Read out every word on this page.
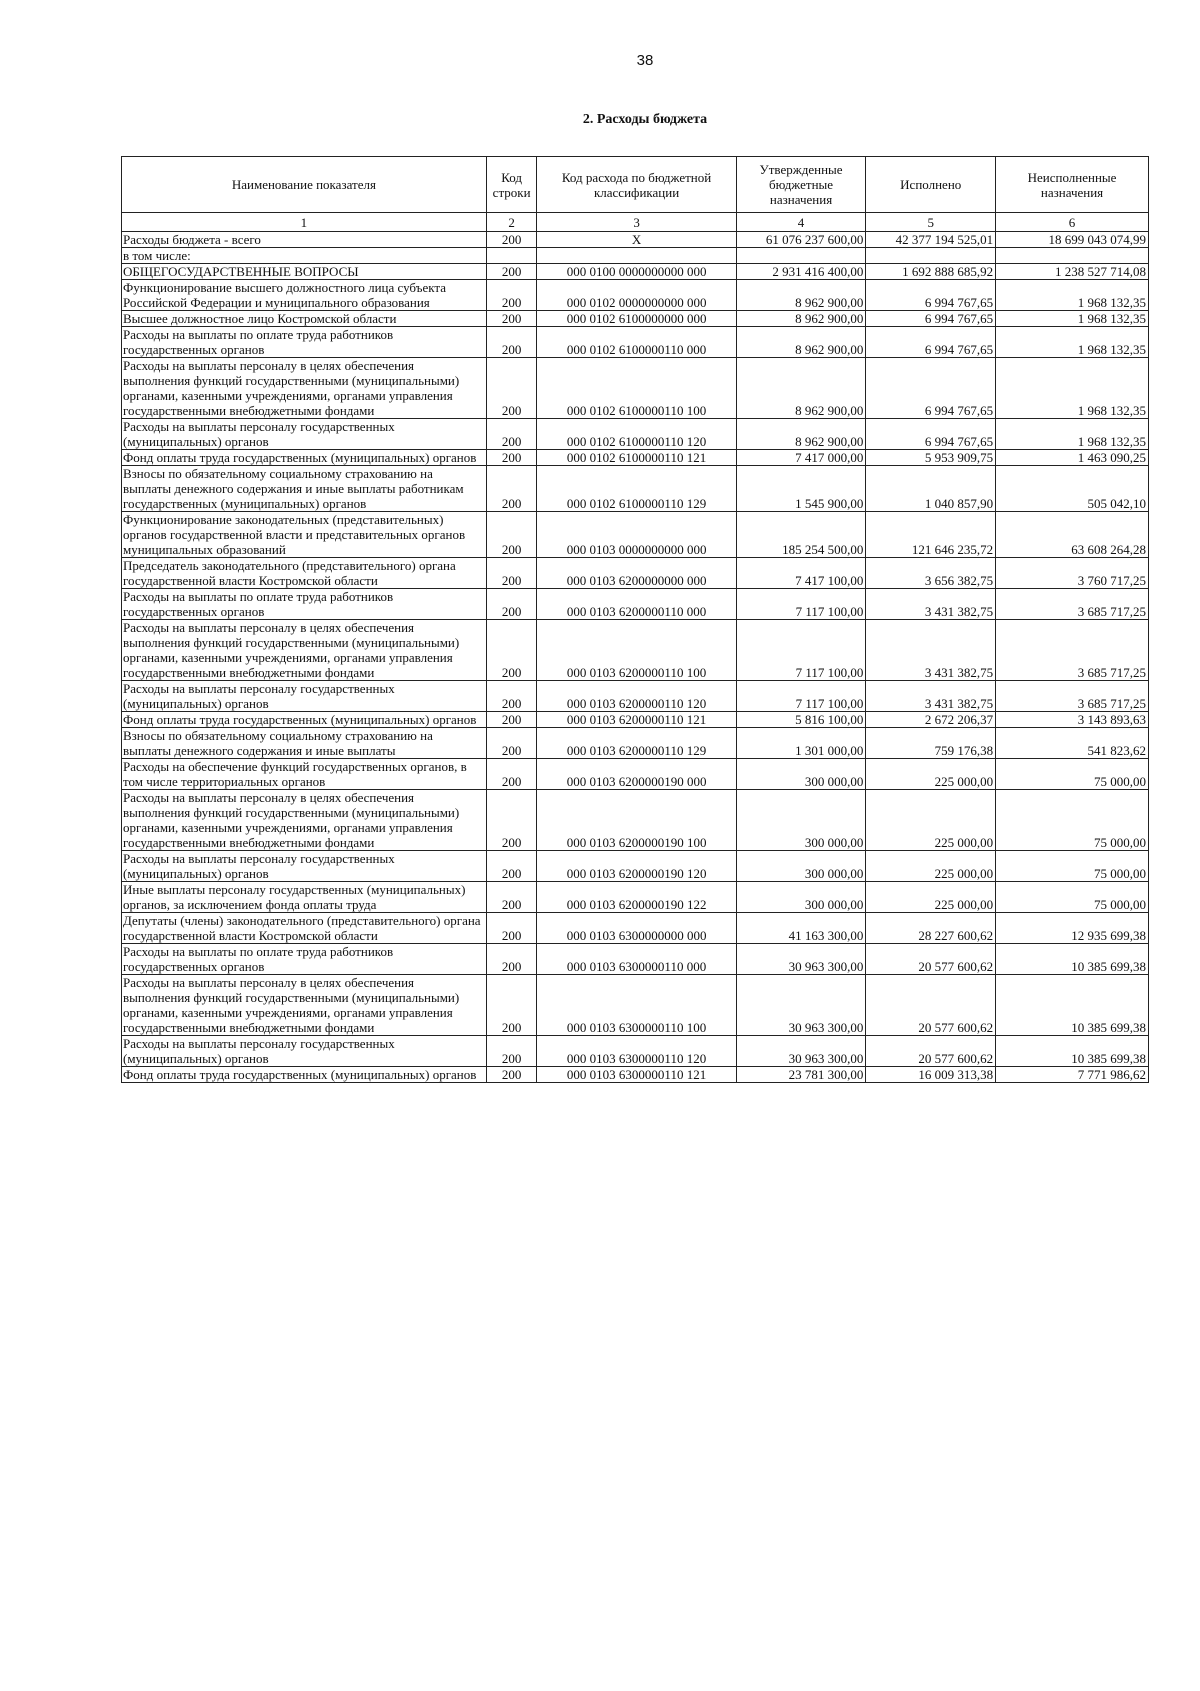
38
2. Расходы бюджета
Наименование показателя	Код строки	Код расхода по бюджетной классификации	Утвержденные бюджетные назначения	Исполнено	Неисполненные назначения
1	2	3	4	5	6
Расходы бюджета - всего	200	X	61 076 237 600,00	42 377 194 525,01	18 699 043 074,99
в том числе:					
ОБЩЕГОСУДАРСТВЕННЫЕ ВОПРОСЫ	200	000 0100 0000000000 000	2 931 416 400,00	1 692 888 685,92	1 238 527 714,08
Функционирование высшего должностного лица субъекта Российской Федерации и муниципального образования	200	000 0102 0000000000 000	8 962 900,00	6 994 767,65	1 968 132,35
Высшее должностное лицо Костромской области	200	000 0102 6100000000 000	8 962 900,00	6 994 767,65	1 968 132,35
Расходы на выплаты по оплате труда работников государственных органов	200	000 0102 6100000110 000	8 962 900,00	6 994 767,65	1 968 132,35
Расходы на выплаты персоналу в целях обеспечения выполнения функций государственными (муниципальными) органами, казенными учреждениями, органами управления государственными внебюджетными фондами	200	000 0102 6100000110 100	8 962 900,00	6 994 767,65	1 968 132,35
Расходы на выплаты персоналу государственных (муниципальных) органов	200	000 0102 6100000110 120	8 962 900,00	6 994 767,65	1 968 132,35
Фонд оплаты труда государственных (муниципальных) органов	200	000 0102 6100000110 121	7 417 000,00	5 953 909,75	1 463 090,25
Взносы по обязательному социальному страхованию на выплаты денежного содержания и иные выплаты работникам государственных (муниципальных) органов	200	000 0102 6100000110 129	1 545 900,00	1 040 857,90	505 042,10
Функционирование законодательных (представительных) органов государственной власти и представительных органов муниципальных образований	200	000 0103 0000000000 000	185 254 500,00	121 646 235,72	63 608 264,28
Председатель законодательного (представительного) органа государственной власти Костромской области	200	000 0103 6200000000 000	7 417 100,00	3 656 382,75	3 760 717,25
Расходы на выплаты по оплате труда работников государственных органов	200	000 0103 6200000110 000	7 117 100,00	3 431 382,75	3 685 717,25
Расходы на выплаты персоналу в целях обеспечения выполнения функций государственными (муниципальными) органами, казенными учреждениями, органами управления государственными внебюджетными фондами	200	000 0103 6200000110 100	7 117 100,00	3 431 382,75	3 685 717,25
Расходы на выплаты персоналу государственных (муниципальных) органов	200	000 0103 6200000110 120	7 117 100,00	3 431 382,75	3 685 717,25
Фонд оплаты труда государственных (муниципальных) органов	200	000 0103 6200000110 121	5 816 100,00	2 672 206,37	3 143 893,63
Взносы по обязательному социальному страхованию на выплаты денежного содержания и иные выплаты	200	000 0103 6200000110 129	1 301 000,00	759 176,38	541 823,62
Расходы на обеспечение функций государственных органов, в том числе территориальных органов	200	000 0103 6200000190 000	300 000,00	225 000,00	75 000,00
Расходы на выплаты персоналу в целях обеспечения выполнения функций государственными (муниципальными) органами, казенными учреждениями, органами управления государственными внебюджетными фондами	200	000 0103 6200000190 100	300 000,00	225 000,00	75 000,00
Расходы на выплаты персоналу государственных (муниципальных) органов	200	000 0103 6200000190 120	300 000,00	225 000,00	75 000,00
Иные выплаты персоналу государственных (муниципальных) органов, за исключением фонда оплаты труда	200	000 0103 6200000190 122	300 000,00	225 000,00	75 000,00
Депутаты (члены) законодательного (представительного) органа государственной власти Костромской области	200	000 0103 6300000000 000	41 163 300,00	28 227 600,62	12 935 699,38
Расходы на выплаты по оплате труда работников государственных органов	200	000 0103 6300000110 000	30 963 300,00	20 577 600,62	10 385 699,38
Расходы на выплаты персоналу в целях обеспечения выполнения функций государственными (муниципальными) органами, казенными учреждениями, органами управления государственными внебюджетными фондами	200	000 0103 6300000110 100	30 963 300,00	20 577 600,62	10 385 699,38
Расходы на выплаты персоналу государственных (муниципальных) органов	200	000 0103 6300000110 120	30 963 300,00	20 577 600,62	10 385 699,38
Фонд оплаты труда государственных (муниципальных) органов	200	000 0103 6300000110 121	23 781 300,00	16 009 313,38	7 771 986,62
